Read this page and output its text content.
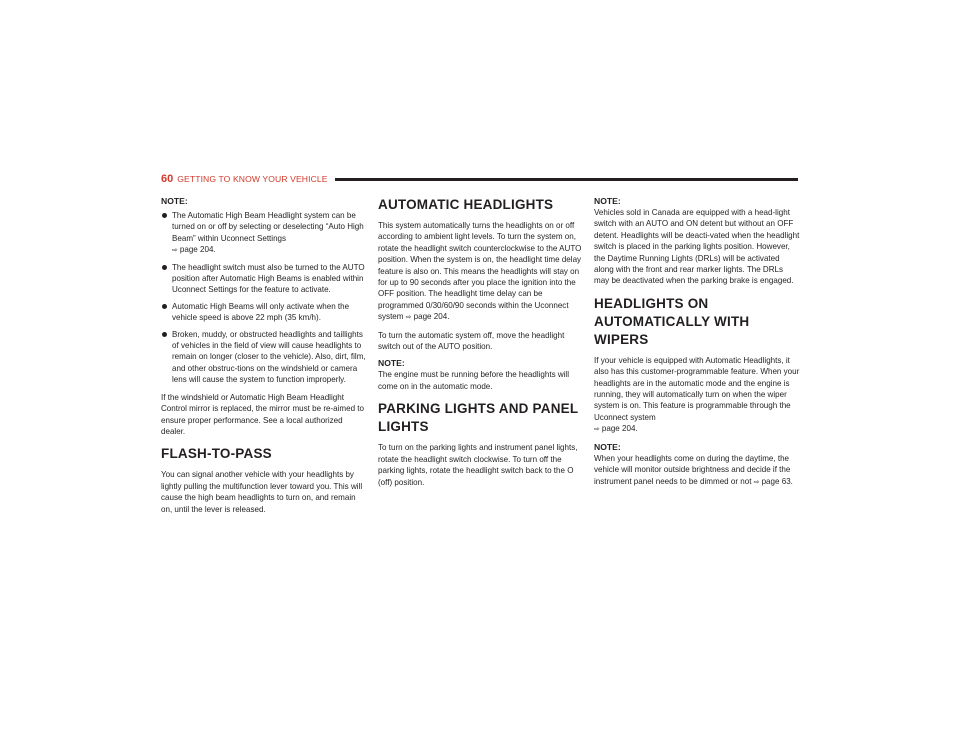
60 GETTING TO KNOW YOUR VEHICLE
NOTE:
The Automatic High Beam Headlight system can be turned on or off by selecting or deselecting “Auto High Beam” within Uconnect Settings
⇨ page 204.
The headlight switch must also be turned to the AUTO position after Automatic High Beams is enabled within Uconnect Settings for the feature to activate.
Automatic High Beams will only activate when the vehicle speed is above 22 mph (35 km/h).
Broken, muddy, or obstructed headlights and taillights of vehicles in the field of view will cause headlights to remain on longer (closer to the vehicle). Also, dirt, film, and other obstruc-tions on the windshield or camera lens will cause the system to function improperly.

If the windshield or Automatic High Beam Headlight Control mirror is replaced, the mirror must be re-aimed to ensure proper performance. See a local authorized dealer.

FLASH-TO-PASS

You can signal another vehicle with your headlights by lightly pulling the multifunction lever toward you. This will cause the high beam headlights to turn on, and remain on, until the lever is released.

AUTOMATIC HEADLIGHTS

This system automatically turns the headlights on or off according to ambient light levels. To turn the system on, rotate the headlight switch counterclockwise to the AUTO position. When the system is on, the headlight time delay feature is also on. This means the headlights will stay on for up to 90 seconds after you place the ignition into the OFF position. The headlight time delay can be programmed 0/30/60/90 seconds within the Uconnect system ⇨ page 204.

To turn the automatic system off, move the headlight switch out of the AUTO position.

NOTE:

The engine must be running before the headlights will come on in the automatic mode.

PARKING LIGHTS AND PANEL LIGHTS

To turn on the parking lights and instrument panel lights, rotate the headlight switch clockwise. To turn off the parking lights, rotate the headlight switch back to the O (off) position.

NOTE:

Vehicles sold in Canada are equipped with a head-light switch with an AUTO and ON detent but without an OFF detent. Headlights will be deacti-vated when the headlight switch is placed in the parking lights position. However, the Daytime Running Lights (DRLs) will be activated along with the front and rear marker lights. The DRLs may be deactivated when the parking brake is engaged.

HEADLIGHTS ON AUTOMATICALLY WITH WIPERS

If your vehicle is equipped with Automatic Headlights, it also has this customer-programmable feature. When your headlights are in the automatic mode and the engine is running, they will automatically turn on when the wiper system is on. This feature is programmable through the Uconnect system
⇨ page 204.

NOTE:

When your headlights come on during the daytime, the vehicle will monitor outside brightness and decide if the instrument panel needs to be dimmed or not ⇨ page 63.
